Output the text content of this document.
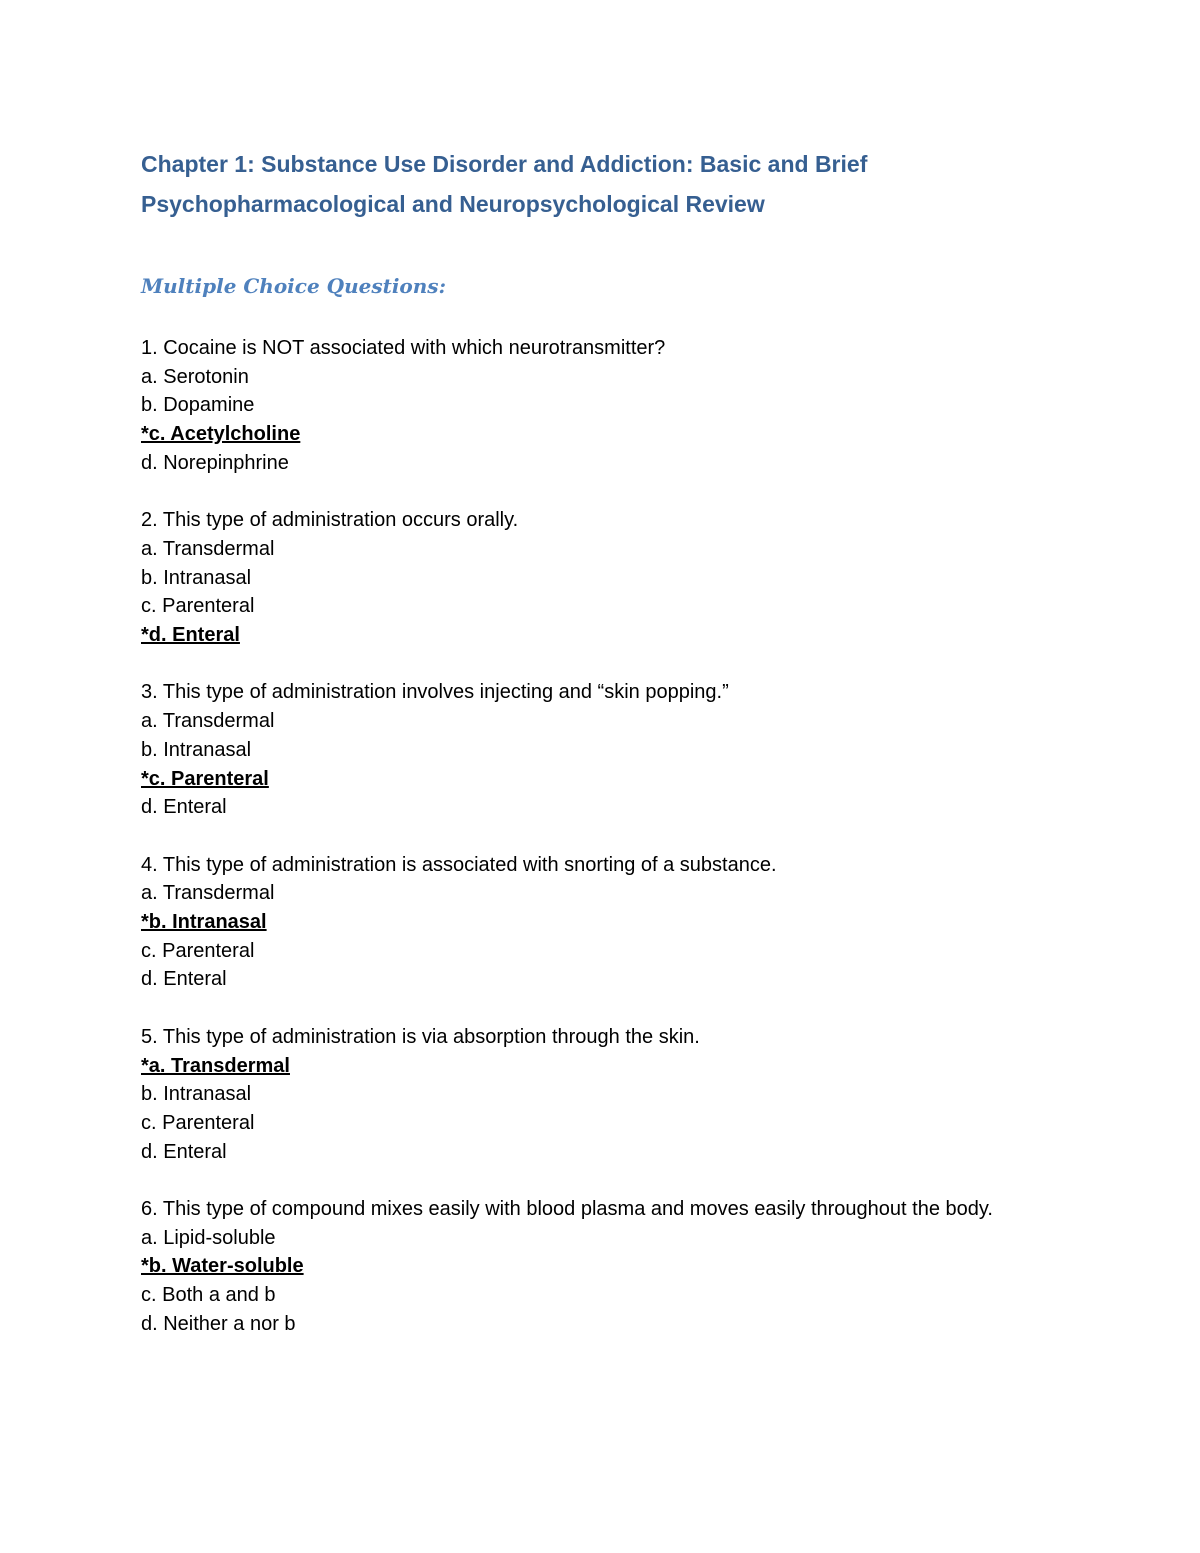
Chapter 1: Substance Use Disorder and Addiction: Basic and Brief
Psychopharmacological and Neuropsychological Review
Multiple Choice Questions:
1. Cocaine is NOT associated with which neurotransmitter?
a. Serotonin
b. Dopamine
*c. Acetylcholine
d. Norepinphrine
2. This type of administration occurs orally.
a. Transdermal
b. Intranasal
c. Parenteral
*d. Enteral
3. This type of administration involves injecting and “skin popping.”
a. Transdermal
b. Intranasal
*c. Parenteral
d. Enteral
4. This type of administration is associated with snorting of a substance.
a. Transdermal
*b. Intranasal
c. Parenteral
d. Enteral
5. This type of administration is via absorption through the skin.
*a. Transdermal
b. Intranasal
c. Parenteral
d. Enteral
6. This type of compound mixes easily with blood plasma and moves easily throughout the body.
a. Lipid-soluble
*b. Water-soluble
c. Both a and b
d. Neither a nor b
